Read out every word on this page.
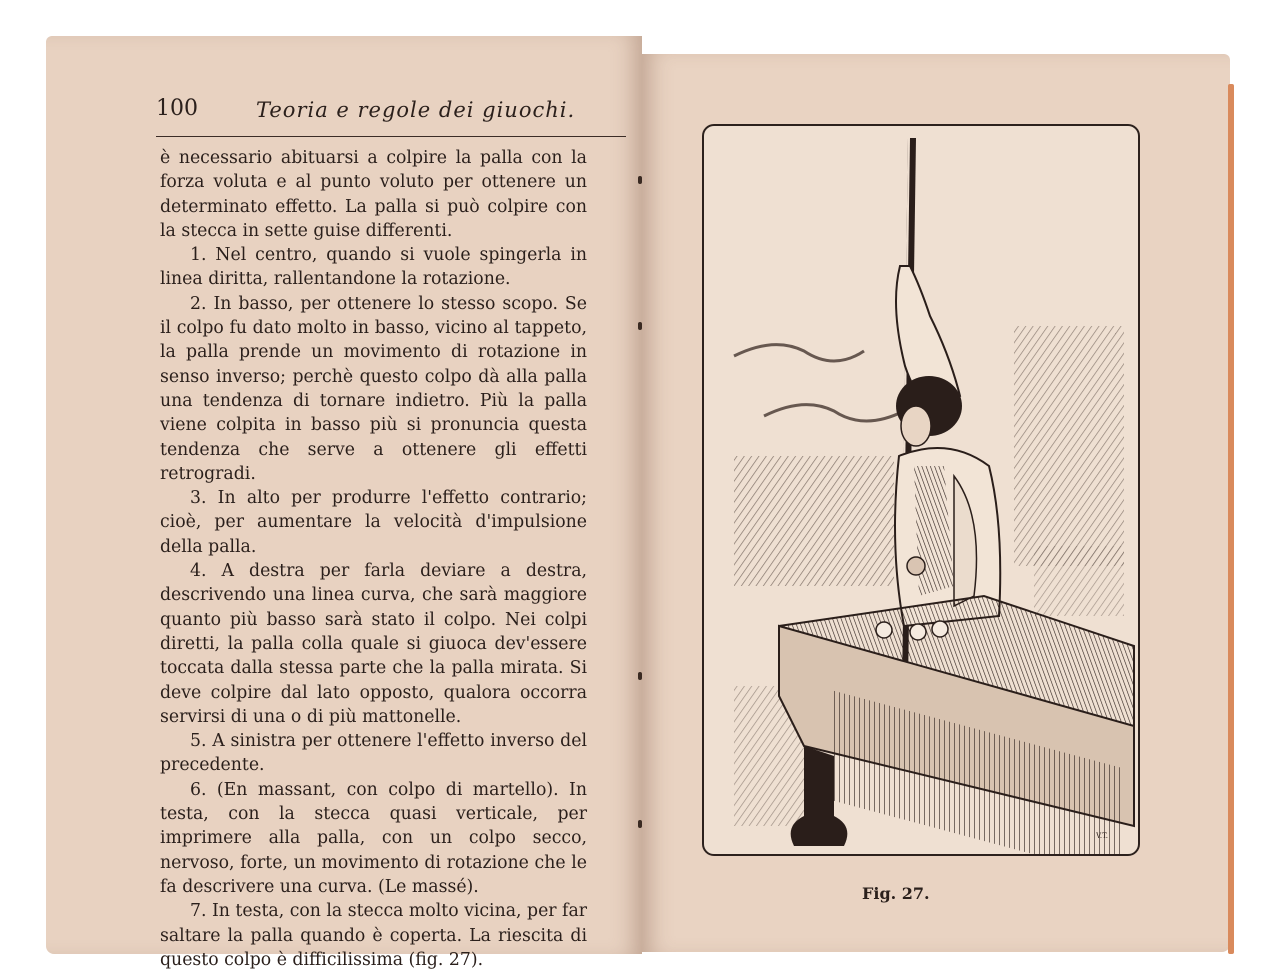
100	Teoria e regole dei giuochi.

è necessario abituarsi a colpire la palla con la forza voluta e al punto voluto per ottenere un determinato effetto. La palla si può colpire con la stecca in sette guise differenti.

1. Nel centro, quando si vuole spingerla in linea diritta, rallentandone la rotazione.

2. In basso, per ottenere lo stesso scopo. Se il colpo fu dato molto in basso, vicino al tappeto, la palla prende un movimento di rotazione in senso inverso; perchè questo colpo dà alla palla una tendenza di tornare indietro. Più la palla viene colpita in basso più si pronuncia questa tendenza che serve a ottenere gli effetti retrogradi.

3. In alto per produrre l'effetto contrario; cioè, per aumentare la velocità d'impulsione della palla.

4. A destra per farla deviare a destra, descrivendo una linea curva, che sarà maggiore quanto più basso sarà stato il colpo. Nei colpi diretti, la palla colla quale si giuoca dev'essere toccata dalla stessa parte che la palla mirata. Si deve colpire dal lato opposto, qualora occorra servirsi di una o di più mattonelle.

5. A sinistra per ottenere l'effetto inverso del precedente.

6. (En massant, con colpo di martello). In testa, con la stecca quasi verticale, per imprimere alla palla, con un colpo secco, nervoso, forte, un movimento di rotazione che le fa descrivere una curva. (Le massé).

7. In testa, con la stecca molto vicina, per far saltare la palla quando è coperta. La riescita di questo colpo è difficilissima (fig. 27).

V.T.
Fig. 27.
